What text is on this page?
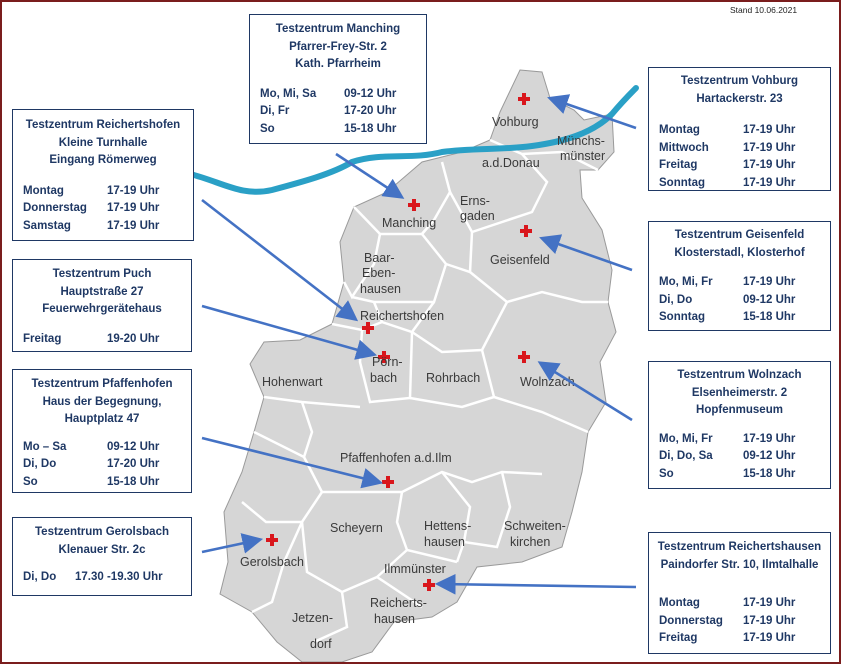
Stand 10.06.2021
Vohburg
Münchs-münster
a.d.Donau
Manching
Erns-gaden
Geisenfeld
Baar-Eben-hausen
Reichertshofen
Pörn-bach
Hohenwart	Rohrbach	Wolnzach
Pfaffenhofen a.d.Ilm
Scheyern	Hettens-hausen
Schweiten-kirchen
Gerolsbach	Ilmmünster
Reicherts-hausen
Jetzen-dorf
Testzentrum Manching
Pfarrer-Frey-Str. 2
Kath. Pfarrheim
Mo, Mi, Sa	09-12 Uhr
Di, Fr	17-20 Uhr
So	15-18 Uhr
Testzentrum Reichertshofen
Kleine Turnhalle
Eingang Römerweg
Montag	17-19 Uhr
Donnerstag	17-19 Uhr
Samstag	17-19 Uhr
Testzentrum Puch
Hauptstraße 27
Feuerwehrgerätehaus
Freitag	19-20 Uhr
Testzentrum Pfaffenhofen
Haus der Begegnung,
Hauptplatz 47
Mo – Sa	09-12 Uhr
Di, Do	17-20 Uhr
So	15-18 Uhr
Testzentrum Gerolsbach
Klenauer Str. 2c
Di, Do	17.30 -19.30 Uhr
Testzentrum Vohburg
Hartackerstr. 23
Montag	17-19 Uhr
Mittwoch	17-19 Uhr
Freitag	17-19 Uhr
Sonntag	17-19 Uhr
Testzentrum Geisenfeld
Klosterstadl, Klosterhof
Mo, Mi, Fr	17-19 Uhr
Di, Do	09-12 Uhr
Sonntag	15-18 Uhr
Testzentrum Wolnzach
Elsenheimerstr. 2
Hopfenmuseum
Mo, Mi, Fr	17-19 Uhr
Di, Do, Sa	09-12 Uhr
So	15-18 Uhr
Testzentrum Reichertshausen
Paindorfer Str. 10, Ilmtalhalle
Montag	17-19 Uhr
Donnerstag	17-19 Uhr
Freitag	17-19 Uhr
